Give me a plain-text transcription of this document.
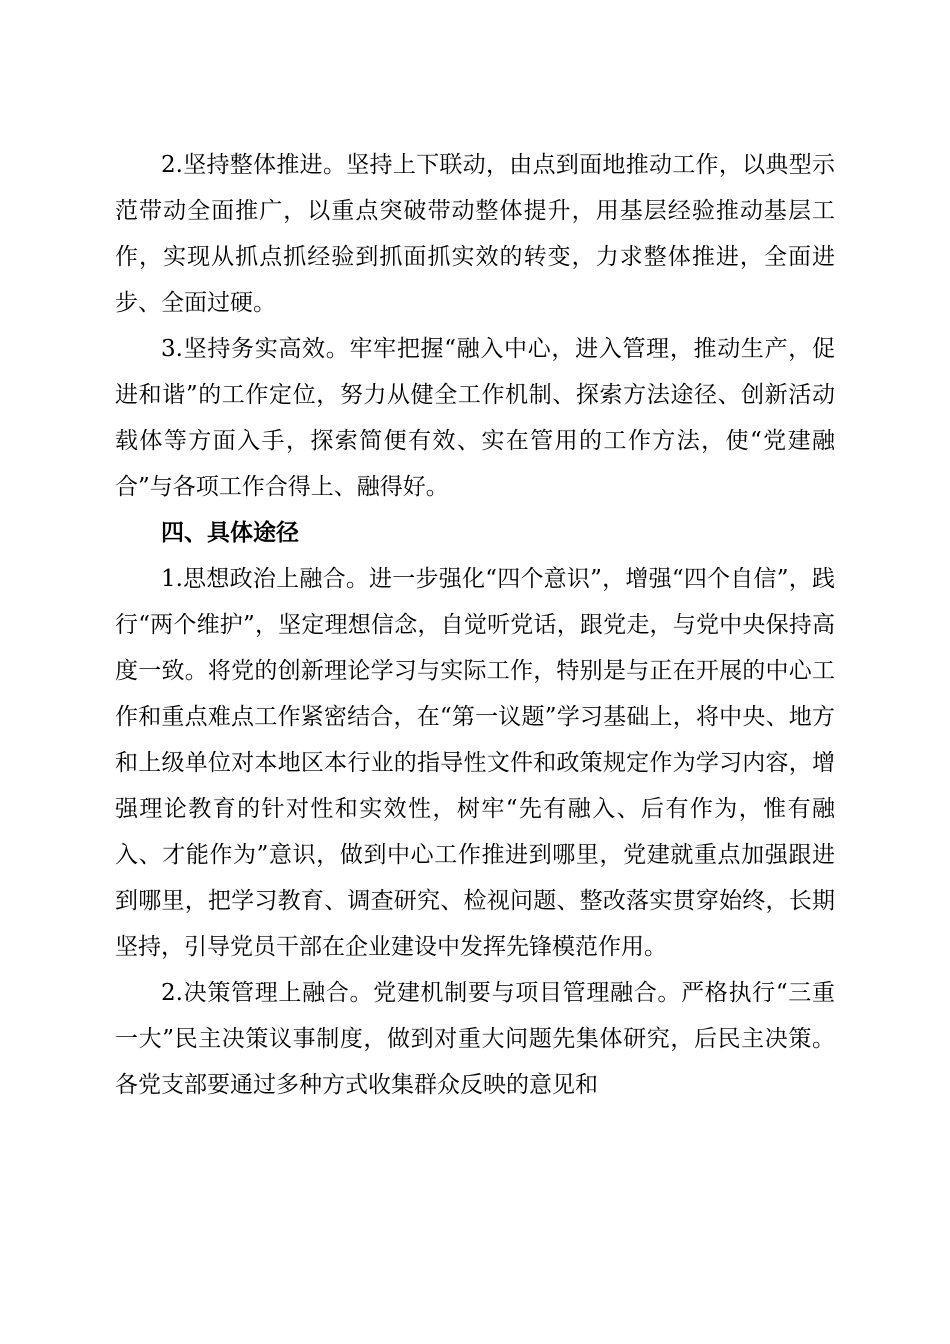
2.坚持整体推进。坚持上下联动，由点到面地推动工作，以典型示范带动全面推广，以重点突破带动整体提升，用基层经验推动基层工作，实现从抓点抓经验到抓面抓实效的转变，力求整体推进，全面进步、全面过硬。

3.坚持务实高效。牢牢把握“融入中心，进入管理，推动生产，促进和谐”的工作定位，努力从健全工作机制、探索方法途径、创新活动载体等方面入手，探索简便有效、实在管用的工作方法，使“党建融合”与各项工作合得上、融得好。

四、具体途径

1.思想政治上融合。进一步强化“四个意识”，增强“四个自信”，践行“两个维护”，坚定理想信念，自觉听党话，跟党走，与党中央保持高度一致。将党的创新理论学习与实际工作，特别是与正在开展的中心工作和重点难点工作紧密结合，在“第一议题”学习基础上，将中央、地方和上级单位对本地区本行业的指导性文件和政策规定作为学习内容，增强理论教育的针对性和实效性，树牢“先有融入、后有作为，惟有融入、才能作为”意识，做到中心工作推进到哪里，党建就重点加强跟进到哪里，把学习教育、调查研究、检视问题、整改落实贯穿始终，长期坚持，引导党员干部在企业建设中发挥先锋模范作用。

2.决策管理上融合。党建机制要与项目管理融合。严格执行“三重一大”民主决策议事制度，做到对重大问题先集体研究，后民主决策。各党支部要通过多种方式收集群众反映的意见和
